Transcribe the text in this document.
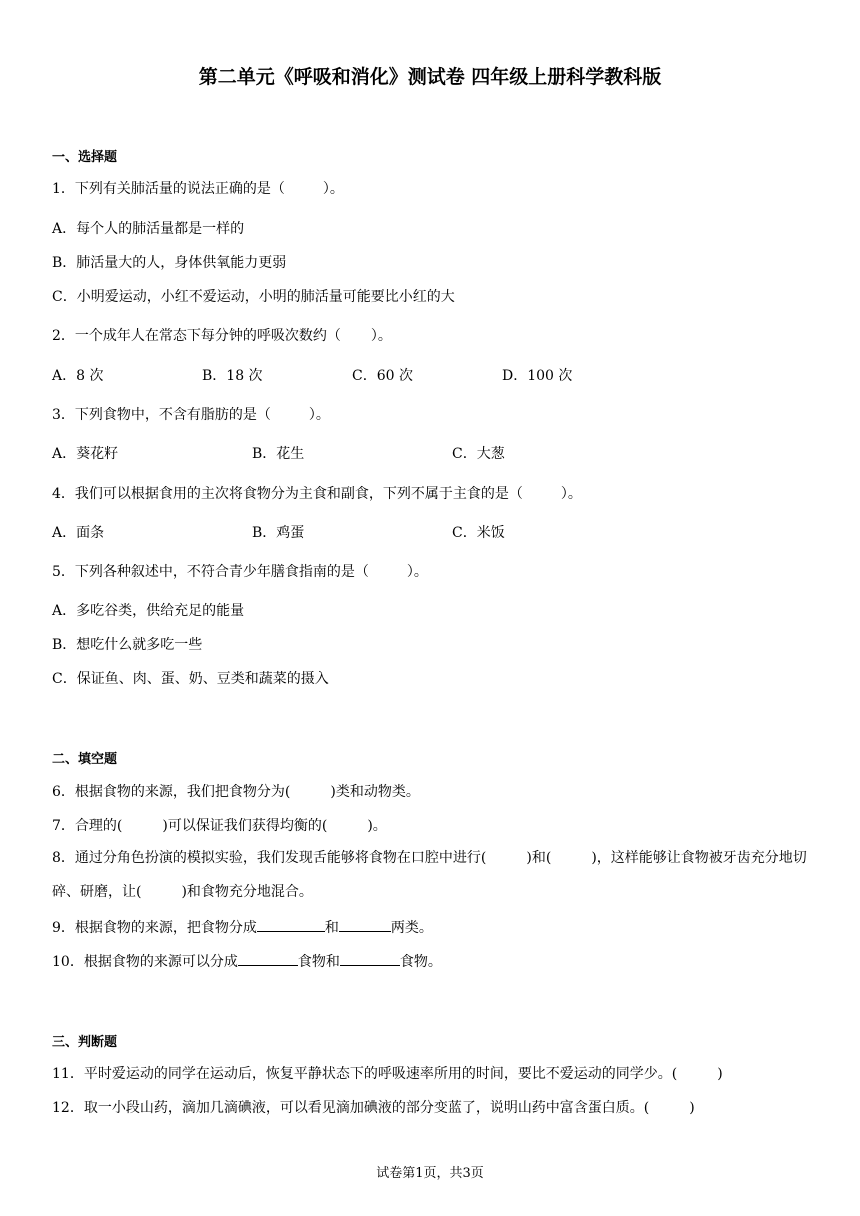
第二单元《呼吸和消化》测试卷 四年级上册科学教科版
一、选择题
1．下列有关肺活量的说法正确的是（	）。
A．每个人的肺活量都是一样的
B．肺活量大的人，身体供氧能力更弱
C．小明爱运动，小红不爱运动，小明的肺活量可能要比小红的大
2．一个成年人在常态下每分钟的呼吸次数约（ ）。
A．8 次	B．18 次	C．60 次	D．100 次
3．下列食物中，不含有脂肪的是（	）。
A．葵花籽	B．花生	C．大葱
4．我们可以根据食用的主次将食物分为主食和副食，下列不属于主食的是（	）。
A．面条	B．鸡蛋	C．米饭
5．下列各种叙述中，不符合青少年膳食指南的是（	）。
A．多吃谷类，供给充足的能量
B．想吃什么就多吃一些
C．保证鱼、肉、蛋、奶、豆类和蔬菜的摄入
二、填空题
6．根据食物的来源，我们把食物分为(	)类和动物类。
7．合理的(	)可以保证我们获得均衡的(	)。
8．通过分角色扮演的模拟实验，我们发现舌能够将食物在口腔中进行(	)和(	)，这样能够让食物被牙齿充分地切碎、研磨，让(	)和食物充分地混合。
9．根据食物的来源，把食物分成	和	两类。
10．根据食物的来源可以分成	食物和	食物。
三、判断题
11．平时爱运动的同学在运动后，恢复平静状态下的呼吸速率所用的时间，要比不爱运动的同学少。(	)
12．取一小段山药，滴加几滴碘液，可以看见滴加碘液的部分变蓝了，说明山药中富含蛋白质。(	)
试卷第1页，共3页
